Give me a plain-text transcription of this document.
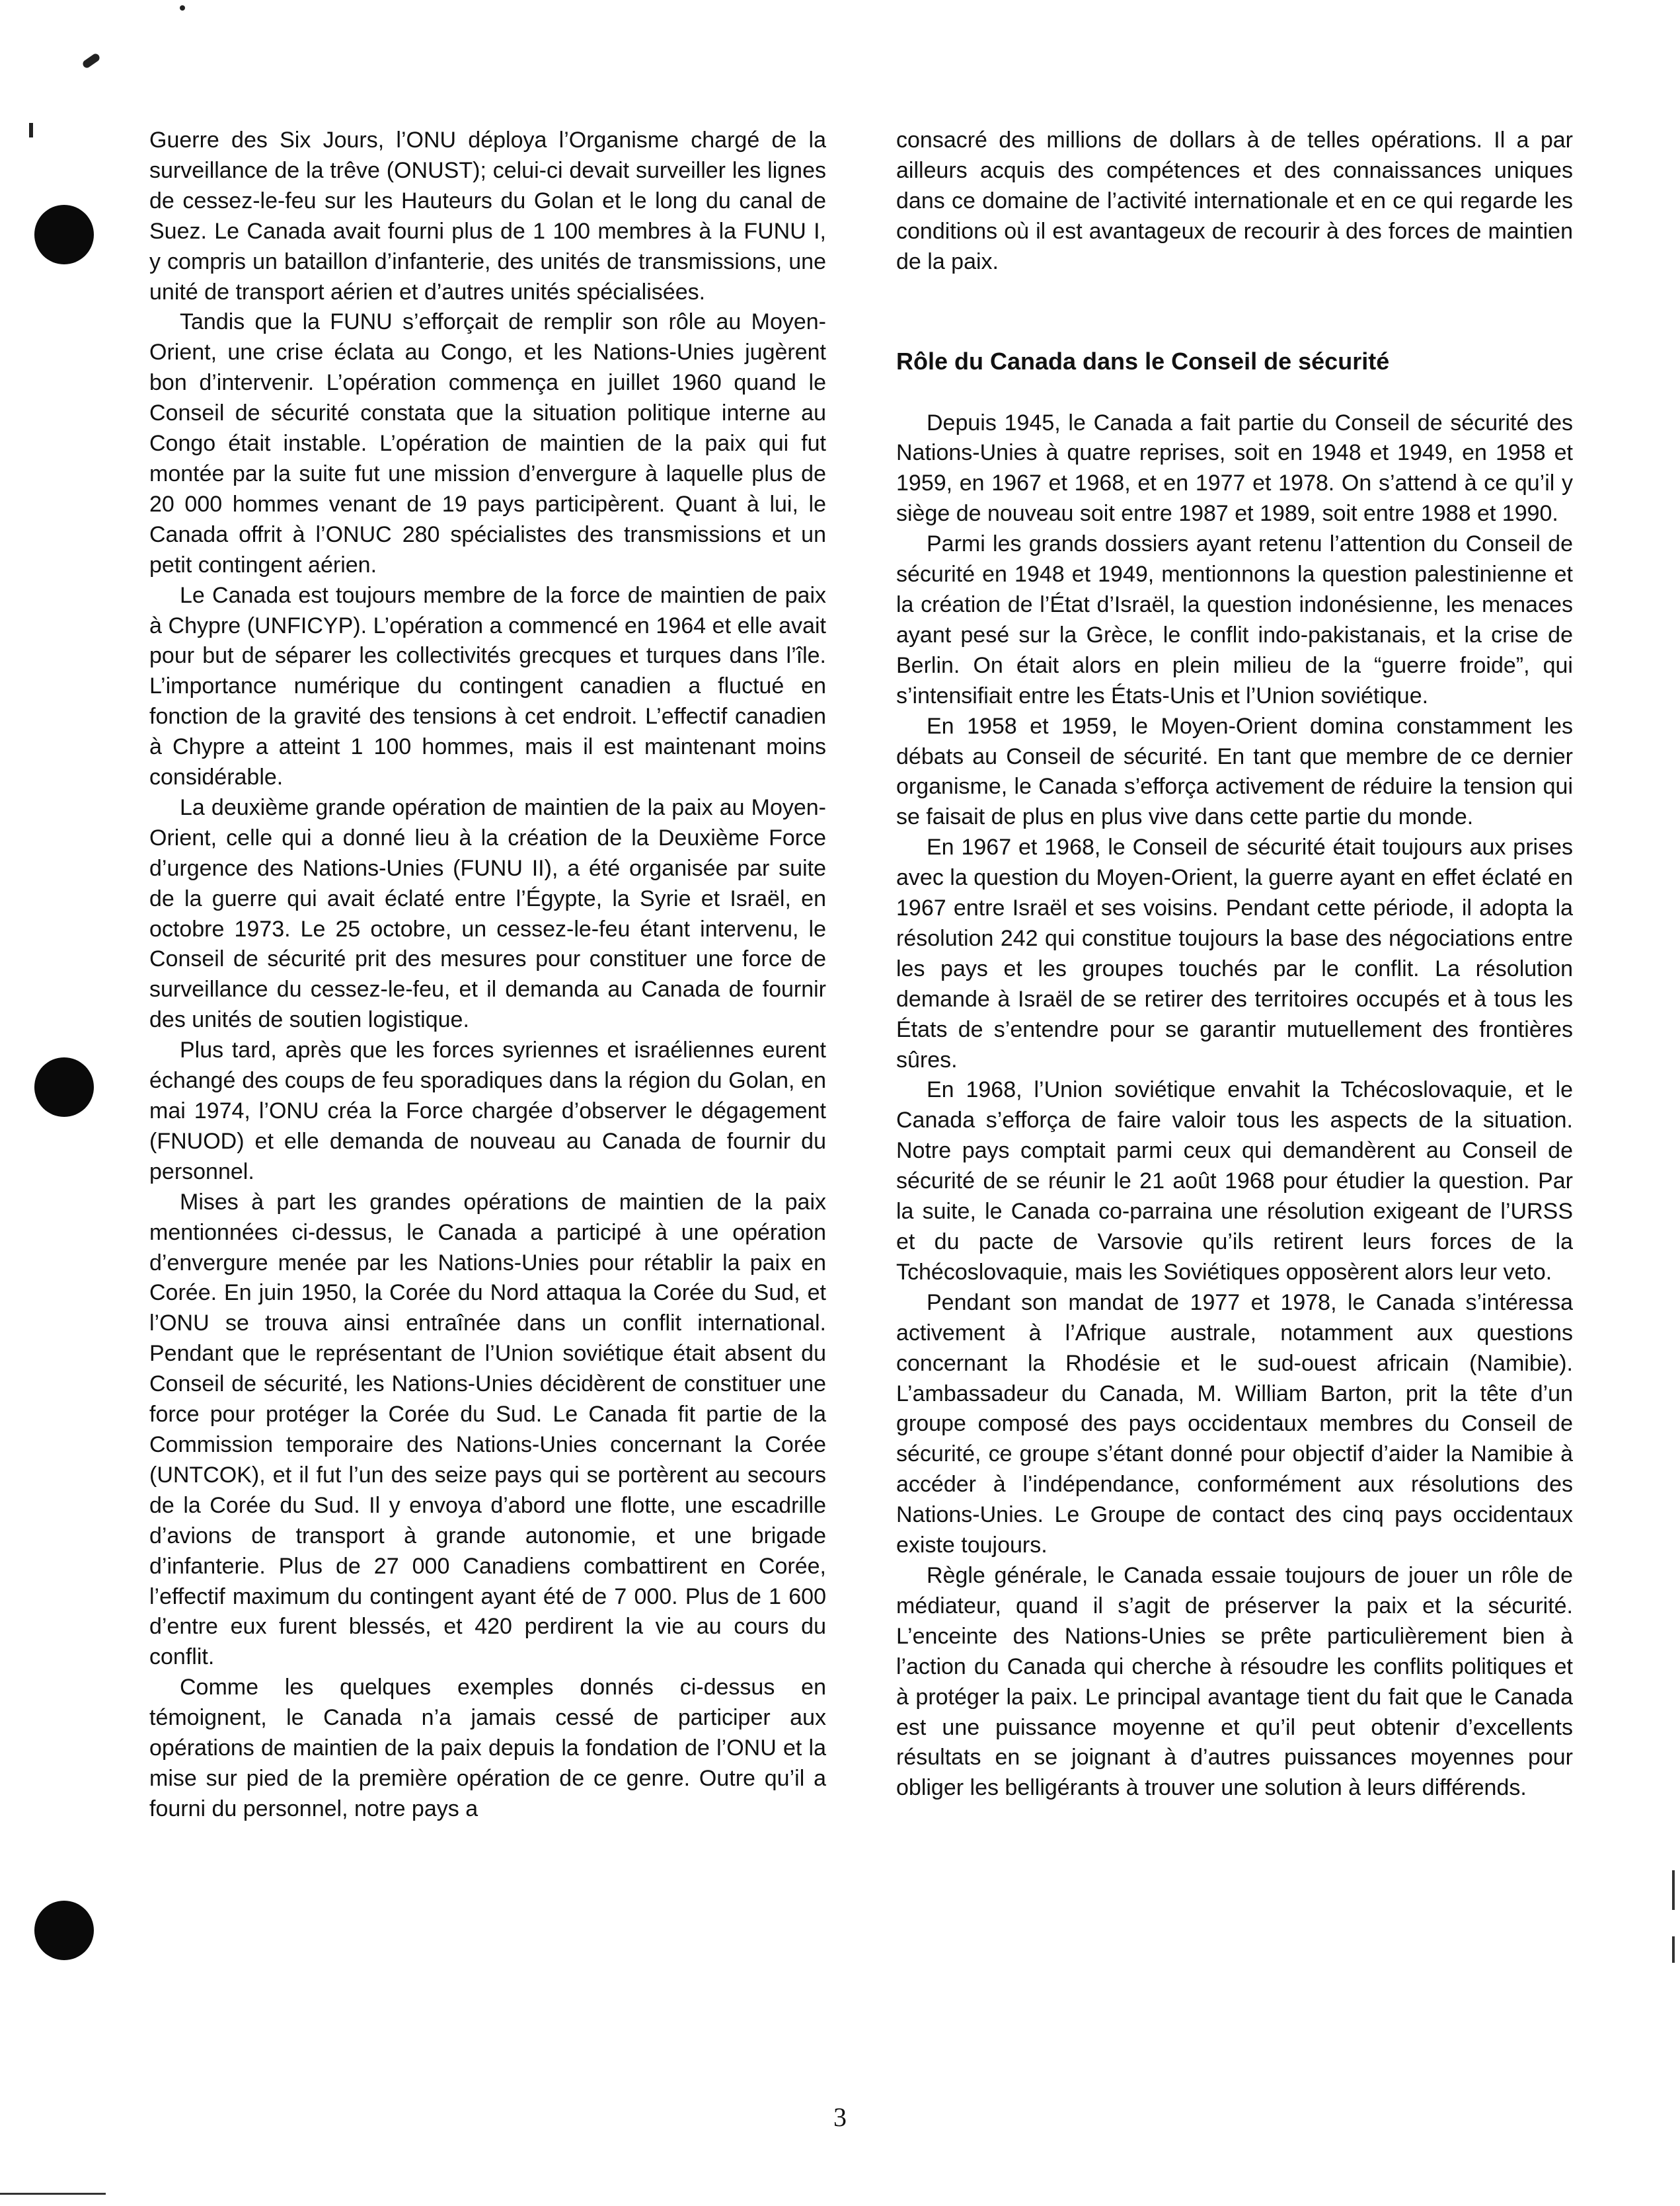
Guerre des Six Jours, l’ONU déploya l’Organisme chargé de la surveillance de la trêve (ONUST); celui-ci devait surveiller les lignes de cessez-le-feu sur les Hauteurs du Golan et le long du canal de Suez. Le Canada avait fourni plus de 1 100 membres à la FUNU I, y compris un bataillon d’infanterie, des unités de transmissions, une unité de transport aérien et d’autres unités spécialisées.

Tandis que la FUNU s’efforçait de remplir son rôle au Moyen-Orient, une crise éclata au Congo, et les Nations-Unies jugèrent bon d’intervenir. L’opération commença en juillet 1960 quand le Conseil de sécurité constata que la situation politique interne au Congo était instable. L’opération de maintien de la paix qui fut montée par la suite fut une mission d’envergure à laquelle plus de 20 000 hommes venant de 19 pays participèrent. Quant à lui, le Canada offrit à l’ONUC 280 spécialistes des transmissions et un petit contingent aérien.

Le Canada est toujours membre de la force de maintien de paix à Chypre (UNFICYP). L’opération a commencé en 1964 et elle avait pour but de séparer les collectivités grecques et turques dans l’île. L’importance numérique du contingent canadien a fluctué en fonction de la gravité des tensions à cet endroit. L’effectif canadien à Chypre a atteint 1 100 hommes, mais il est maintenant moins considérable.

La deuxième grande opération de maintien de la paix au Moyen-Orient, celle qui a donné lieu à la création de la Deuxième Force d’urgence des Nations-Unies (FUNU II), a été organisée par suite de la guerre qui avait éclaté entre l’Égypte, la Syrie et Israël, en octobre 1973. Le 25 octobre, un cessez-le-feu étant intervenu, le Conseil de sécurité prit des mesures pour constituer une force de surveillance du cessez-le-feu, et il demanda au Canada de fournir des unités de soutien logistique.

Plus tard, après que les forces syriennes et israéliennes eurent échangé des coups de feu sporadiques dans la région du Golan, en mai 1974, l’ONU créa la Force chargée d’observer le dégagement (FNUOD) et elle demanda de nouveau au Canada de fournir du personnel.

Mises à part les grandes opérations de maintien de la paix mentionnées ci-dessus, le Canada a participé à une opération d’envergure menée par les Nations-Unies pour rétablir la paix en Corée. En juin 1950, la Corée du Nord attaqua la Corée du Sud, et l’ONU se trouva ainsi entraînée dans un conflit international. Pendant que le représentant de l’Union soviétique était absent du Conseil de sécurité, les Nations-Unies décidèrent de constituer une force pour protéger la Corée du Sud. Le Canada fit partie de la Commission temporaire des Nations-Unies concernant la Corée (UNTCOK), et il fut l’un des seize pays qui se portèrent au secours de la Corée du Sud. Il y envoya d’abord une flotte, une escadrille d’avions de transport à grande autonomie, et une brigade d’infanterie. Plus de 27 000 Canadiens combattirent en Corée, l’effectif maximum du contingent ayant été de 7 000. Plus de 1 600 d’entre eux furent blessés, et 420 perdirent la vie au cours du conflit.

Comme les quelques exemples donnés ci-dessus en témoignent, le Canada n’a jamais cessé de participer aux opérations de maintien de la paix depuis la fondation de l’ONU et la mise sur pied de la première opération de ce genre. Outre qu’il a fourni du personnel, notre pays a

consacré des millions de dollars à de telles opérations. Il a par ailleurs acquis des compétences et des connaissances uniques dans ce domaine de l’activité internationale et en ce qui regarde les conditions où il est avantageux de recourir à des forces de maintien de la paix.

Rôle du Canada dans le Conseil de sécurité

Depuis 1945, le Canada a fait partie du Conseil de sécurité des Nations-Unies à quatre reprises, soit en 1948 et 1949, en 1958 et 1959, en 1967 et 1968, et en 1977 et 1978. On s’attend à ce qu’il y siège de nouveau soit entre 1987 et 1989, soit entre 1988 et 1990.

Parmi les grands dossiers ayant retenu l’attention du Conseil de sécurité en 1948 et 1949, mentionnons la question palestinienne et la création de l’État d’Israël, la question indonésienne, les menaces ayant pesé sur la Grèce, le conflit indo-pakistanais, et la crise de Berlin. On était alors en plein milieu de la “guerre froide”, qui s’intensifiait entre les États-Unis et l’Union soviétique.

En 1958 et 1959, le Moyen-Orient domina constamment les débats au Conseil de sécurité. En tant que membre de ce dernier organisme, le Canada s’efforça activement de réduire la tension qui se faisait de plus en plus vive dans cette partie du monde.

En 1967 et 1968, le Conseil de sécurité était toujours aux prises avec la question du Moyen-Orient, la guerre ayant en effet éclaté en 1967 entre Israël et ses voisins. Pendant cette période, il adopta la résolution 242 qui constitue toujours la base des négociations entre les pays et les groupes touchés par le conflit. La résolution demande à Israël de se retirer des territoires occupés et à tous les États de s’entendre pour se garantir mutuellement des frontières sûres.

En 1968, l’Union soviétique envahit la Tchécoslovaquie, et le Canada s’efforça de faire valoir tous les aspects de la situation. Notre pays comptait parmi ceux qui demandèrent au Conseil de sécurité de se réunir le 21 août 1968 pour étudier la question. Par la suite, le Canada co-parraina une résolution exigeant de l’URSS et du pacte de Varsovie qu’ils retirent leurs forces de la Tchécoslovaquie, mais les Soviétiques opposèrent alors leur veto.

Pendant son mandat de 1977 et 1978, le Canada s’intéressa activement à l’Afrique australe, notamment aux questions concernant la Rhodésie et le sud-ouest africain (Namibie). L’ambassadeur du Canada, M. William Barton, prit la tête d’un groupe composé des pays occidentaux membres du Conseil de sécurité, ce groupe s’étant donné pour objectif d’aider la Namibie à accéder à l’indépendance, conformément aux résolutions des Nations-Unies. Le Groupe de contact des cinq pays occidentaux existe toujours.

Règle générale, le Canada essaie toujours de jouer un rôle de médiateur, quand il s’agit de préserver la paix et la sécurité. L’enceinte des Nations-Unies se prête particulièrement bien à l’action du Canada qui cherche à résoudre les conflits politiques et à protéger la paix. Le principal avantage tient du fait que le Canada est une puissance moyenne et qu’il peut obtenir d’excellents résultats en se joignant à d’autres puissances moyennes pour obliger les belligérants à trouver une solution à leurs différends.

3
